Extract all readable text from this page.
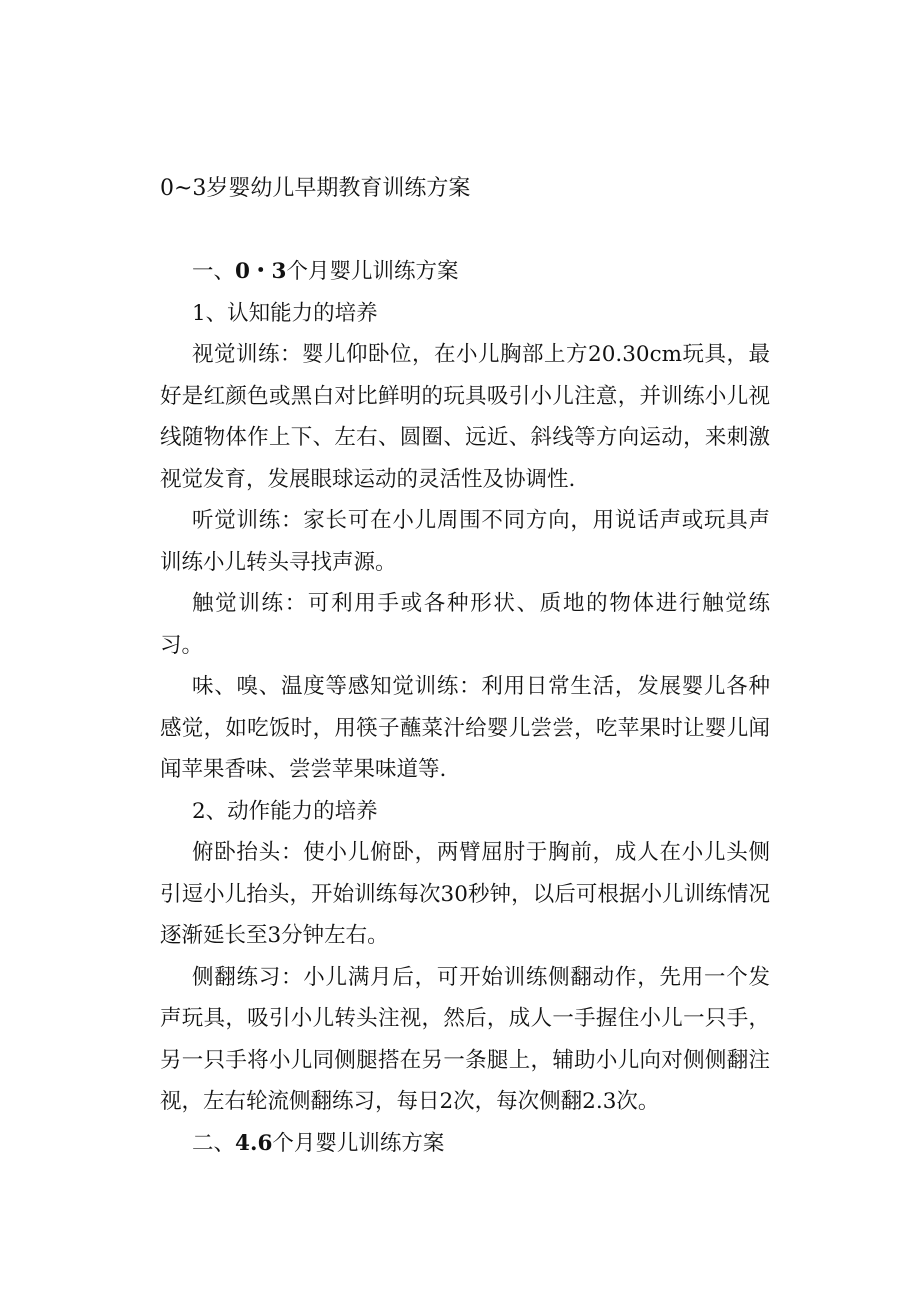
0~3岁婴幼儿早期教育训练方案

一、0・3个月婴儿训练方案

1、认知能力的培养

视觉训练：婴儿仰卧位，在小儿胸部上方20.30cm玩具，最好是红颜色或黑白对比鲜明的玩具吸引小儿注意，并训练小儿视线随物体作上下、左右、圆圈、远近、斜线等方向运动，来刺激视觉发育，发展眼球运动的灵活性及协调性.

听觉训练：家长可在小儿周围不同方向，用说话声或玩具声训练小儿转头寻找声源。

触觉训练：可利用手或各种形状、质地的物体进行触觉练习。

味、嗅、温度等感知觉训练：利用日常生活，发展婴儿各种感觉，如吃饭时，用筷子蘸菜汁给婴儿尝尝，吃苹果时让婴儿闻闻苹果香味、尝尝苹果味道等.

2、动作能力的培养

俯卧抬头：使小儿俯卧，两臂屈肘于胸前，成人在小儿头侧引逗小儿抬头，开始训练每次30秒钟，以后可根据小儿训练情况逐渐延长至3分钟左右。

侧翻练习：小儿满月后，可开始训练侧翻动作，先用一个发声玩具，吸引小儿转头注视，然后，成人一手握住小儿一只手，另一只手将小儿同侧腿搭在另一条腿上，辅助小儿向对侧侧翻注视，左右轮流侧翻练习，每日2次，每次侧翻2.3次。

二、4.6个月婴儿训练方案
